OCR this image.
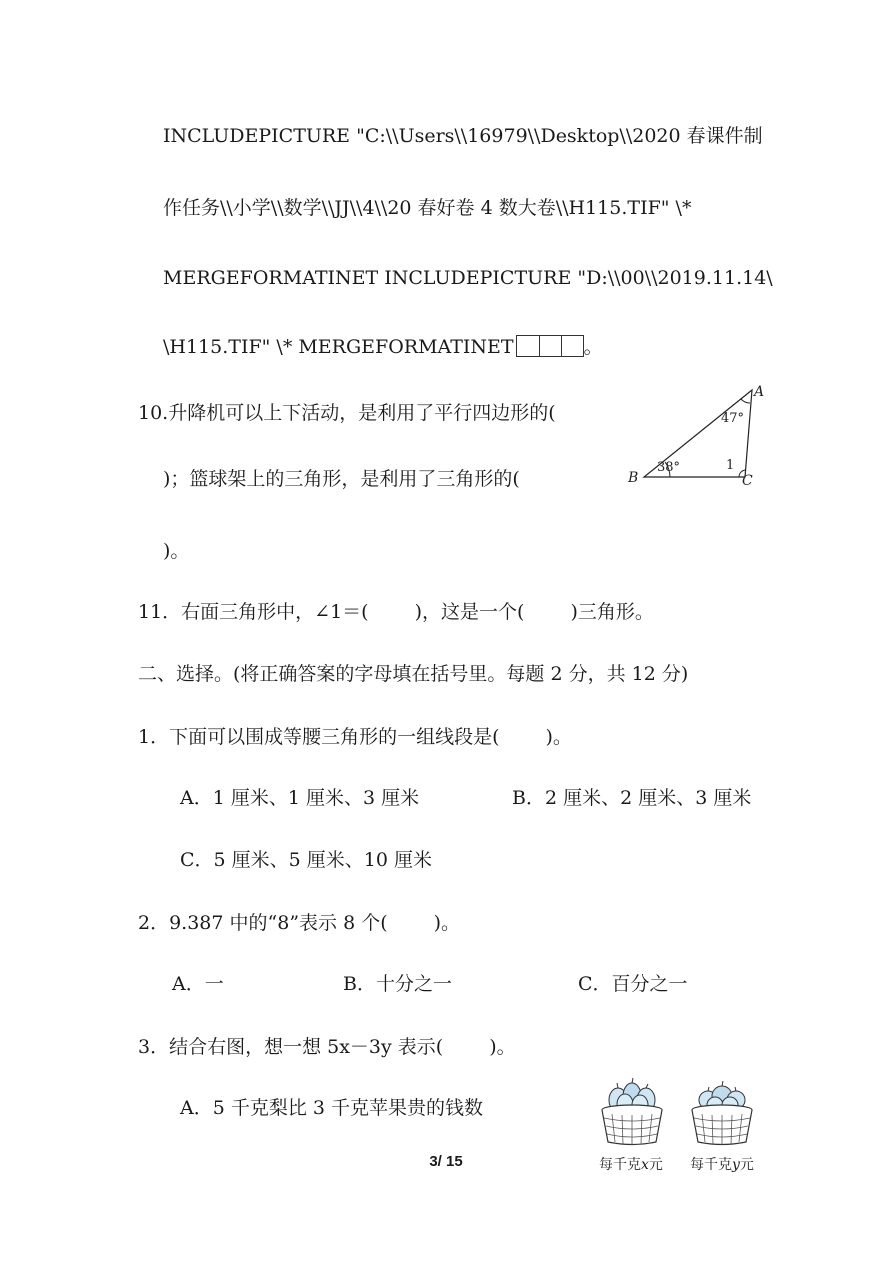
INCLUDEPICTURE "C:\\Users\\16979\\Desktop\\2020 春课件制
作任务\\小学\\数学\\JJ\\4\\20 春好卷 4 数大卷\\H115.TIF" \*
MERGEFORMATINET INCLUDEPICTURE "D:\\00\\2019.11.14\
\H115.TIF" \* MERGEFORMATINET	。
10.升降机可以上下活动，是利用了平行四边形的(
)；篮球架上的三角形，是利用了三角形的(
)。
A
B	C
47°
38°	1
11．右面三角形中，∠1＝( )，这是一个( )三角形。
二、选择。(将正确答案的字母填在括号里。每题 2 分，共 12 分)
1．下面可以围成等腰三角形的一组线段是( )。
A．1 厘米、1 厘米、3 厘米	B．2 厘米、2 厘米、3 厘米
C．5 厘米、5 厘米、10 厘米
2．9.387 中的“8”表示 8 个( )。
A．一	B．十分之一	C．百分之一
3．结合右图，想一想 5x－3y 表示( )。
A．5 千克梨比 3 千克苹果贵的钱数
每千克x元 每千克y元
3/ 15
